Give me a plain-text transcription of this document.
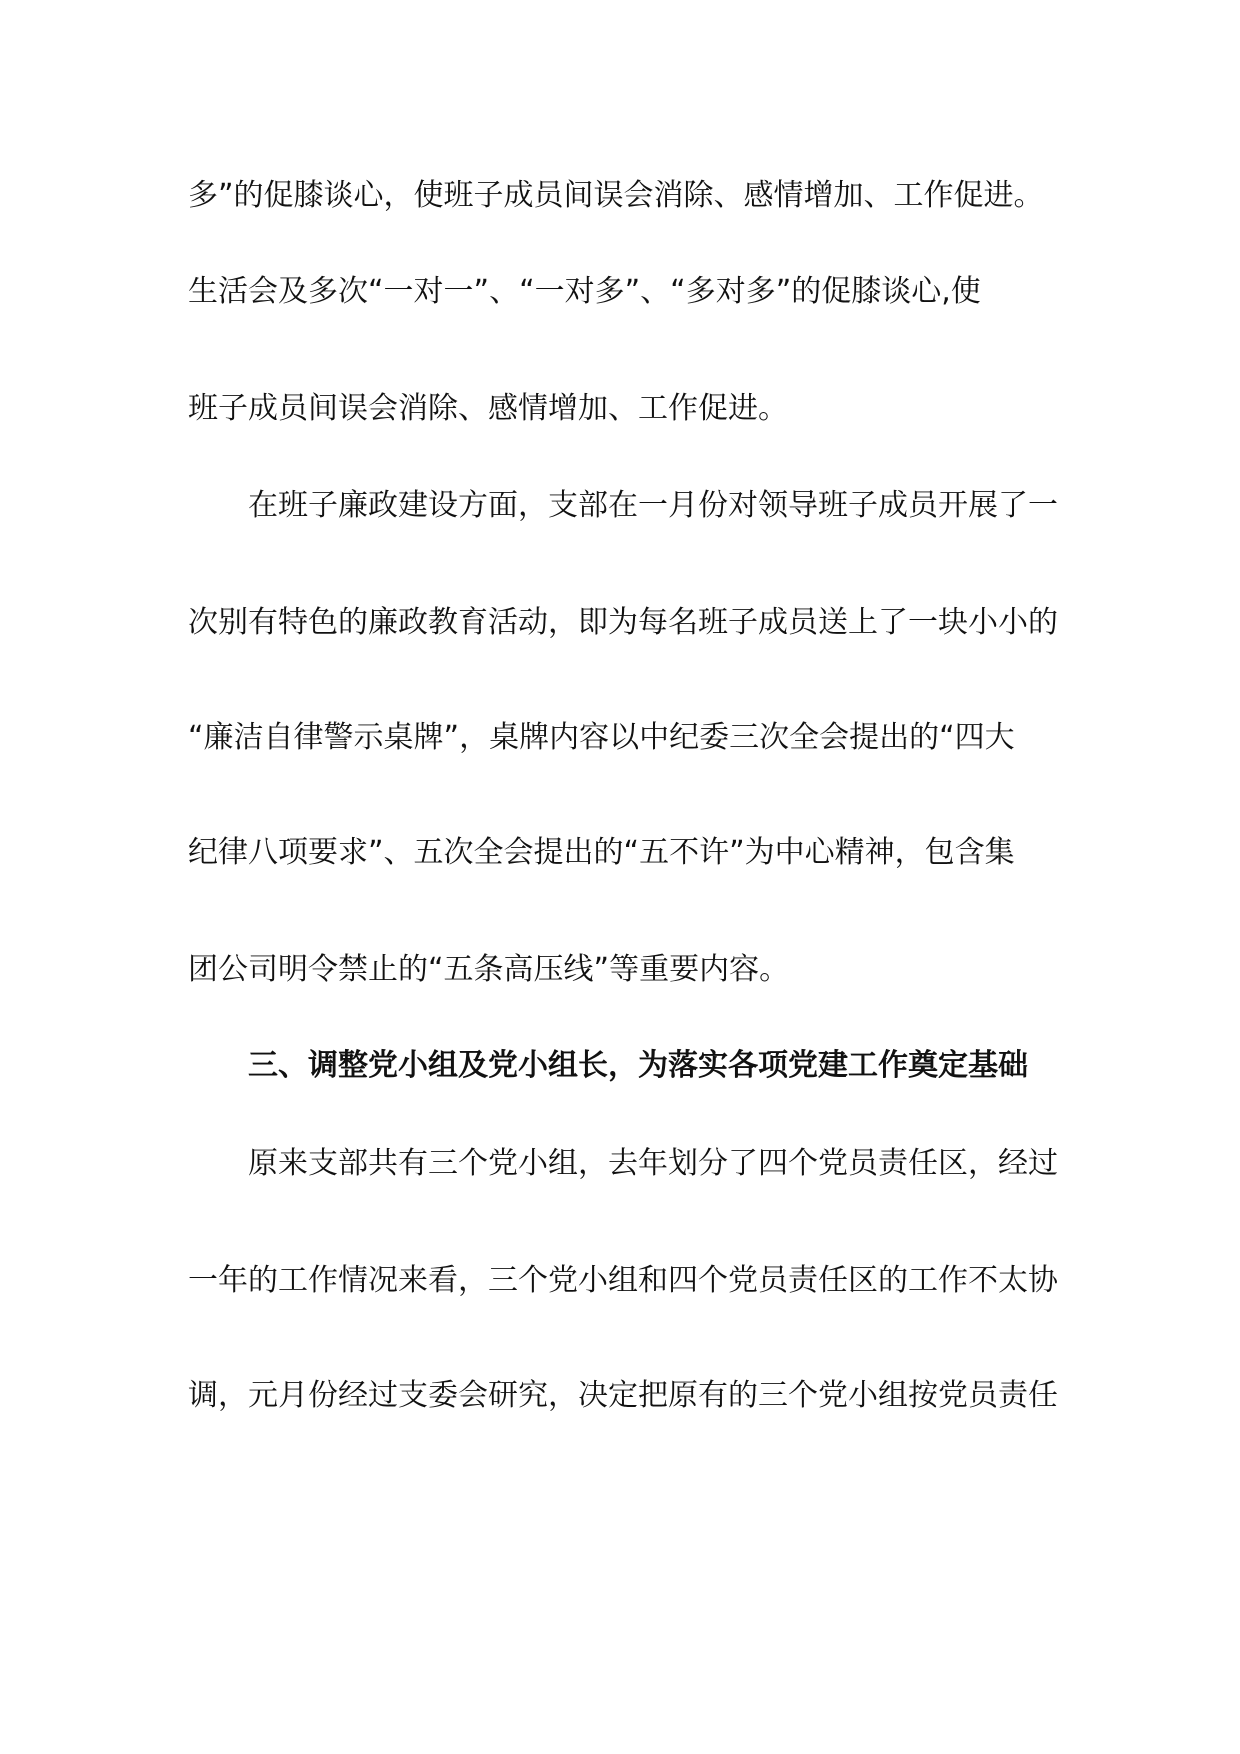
多”的促膝谈心，使班子成员间误会消除、感情增加、工作促进。
生活会及多次“一对一”、“一对多”、“多对多”的促膝谈心,使
班子成员间误会消除、感情增加、工作促进。
在班子廉政建设方面，支部在一月份对领导班子成员开展了一
次别有特色的廉政教育活动，即为每名班子成员送上了一块小小的
“廉洁自律警示桌牌”，桌牌内容以中纪委三次全会提出的“四大
纪律八项要求”、五次全会提出的“五不许”为中心精神，包含集
团公司明令禁止的“五条高压线”等重要内容。
三、调整党小组及党小组长，为落实各项党建工作奠定基础
原来支部共有三个党小组，去年划分了四个党员责任区，经过
一年的工作情况来看，三个党小组和四个党员责任区的工作不太协
调，元月份经过支委会研究，决定把原有的三个党小组按党员责任
